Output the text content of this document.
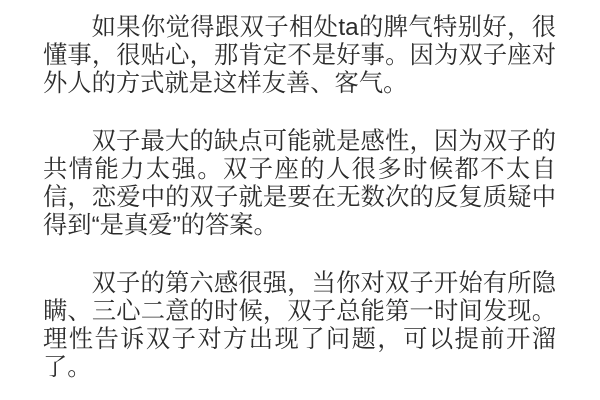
如果你觉得跟双子相处ta的脾气特别好，很懂事，很贴心，那肯定不是好事。因为双子座对外人的方式就是这样友善、客气。

双子最大的缺点可能就是感性，因为双子的共情能力太强。双子座的人很多时候都不太自信，恋爱中的双子就是要在无数次的反复质疑中得到“是真爱”的答案。

双子的第六感很强，当你对双子开始有所隐瞒、三心二意的时候，双子总能第一时间发现。理性告诉双子对方出现了问题，可以提前开溜了。
